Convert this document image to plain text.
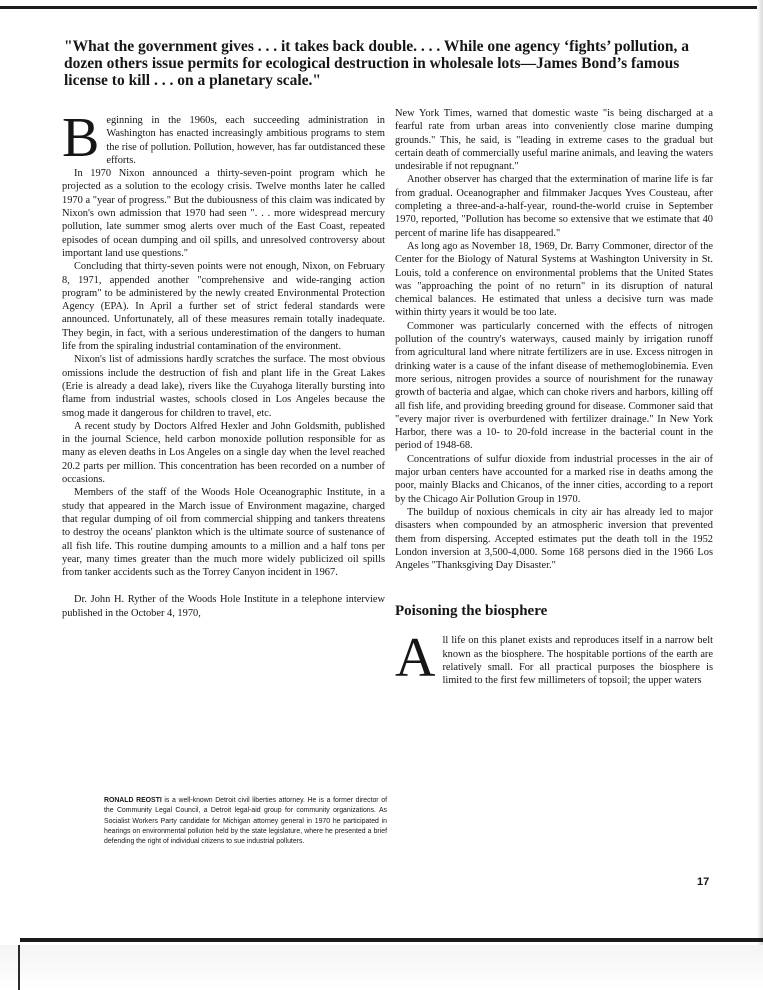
"What the government gives . . . it takes back double. . . . While one agency ‘fights’ pollution, a dozen others issue permits for ecological destruction in wholesale lots—James Bond’s famous license to kill . . . on a planetary scale."

Beginning in the 1960s, each succeeding administration in Washington has enacted increasingly ambitious programs to stem the rise of pollution. Pollution, however, has far outdistanced these efforts.

In 1970 Nixon announced a thirty-seven-point program which he projected as a solution to the ecology crisis. Twelve months later he called 1970 a "year of progress." But the dubiousness of this claim was indicated by Nixon's own admission that 1970 had seen ". . . more widespread mercury pollution, late summer smog alerts over much of the East Coast, repeated episodes of ocean dumping and oil spills, and unresolved controversy about important land use questions."

Concluding that thirty-seven points were not enough, Nixon, on February 8, 1971, appended another "comprehensive and wide-ranging action program" to be administered by the newly created Environmental Protection Agency (EPA). In April a further set of strict federal standards were announced. Unfortunately, all of these measures remain totally inadequate. They begin, in fact, with a serious underestimation of the dangers to human life from the spiraling industrial contamination of the environment.

Nixon's list of admissions hardly scratches the surface. The most obvious omissions include the destruction of fish and plant life in the Great Lakes (Erie is already a dead lake), rivers like the Cuyahoga literally bursting into flame from industrial wastes, schools closed in Los Angeles because the smog made it dangerous for children to travel, etc.

A recent study by Doctors Alfred Hexler and John Goldsmith, published in the journal Science, held carbon monoxide pollution responsible for as many as eleven deaths in Los Angeles on a single day when the level reached 20.2 parts per million. This concentration has been recorded on a number of occasions.

Members of the staff of the Woods Hole Oceanographic Institute, in a study that appeared in the March issue of Environment magazine, charged that regular dumping of oil from commercial shipping and tankers threatens to destroy the oceans' plankton which is the ultimate source of sustenance of all fish life. This routine dumping amounts to a million and a half tons per year, many times greater than the much more widely publicized oil spills from tanker accidents such as the Torrey Canyon incident in 1967.

Dr. John H. Ryther of the Woods Hole Institute in a telephone interview published in the October 4, 1970,

RONALD REOSTI is a well-known Detroit civil liberties attorney. He is a former director of the Community Legal Council, a Detroit legal-aid group for community organizations. As Socialist Workers Party candidate for Michigan attorney general in 1970 he participated in hearings on environmental pollution held by the state legislature, where he presented a brief defending the right of individual citizens to sue industrial polluters.

New York Times, warned that domestic waste "is being discharged at a fearful rate from urban areas into conveniently close marine dumping grounds." This, he said, is "leading in extreme cases to the gradual but certain death of commercially useful marine animals, and leaving the waters undesirable if not repugnant."

Another observer has charged that the extermination of marine life is far from gradual. Oceanographer and filmmaker Jacques Yves Cousteau, after completing a three-and-a-half-year, round-the-world cruise in September 1970, reported, "Pollution has become so extensive that we estimate that 40 percent of marine life has disappeared."

As long ago as November 18, 1969, Dr. Barry Commoner, director of the Center for the Biology of Natural Systems at Washington University in St. Louis, told a conference on environmental problems that the United States was "approaching the point of no return" in its disruption of natural chemical balances. He estimated that unless a decisive turn was made within thirty years it would be too late.

Commoner was particularly concerned with the effects of nitrogen pollution of the country's waterways, caused mainly by irrigation runoff from agricultural land where nitrate fertilizers are in use. Excess nitrogen in drinking water is a cause of the infant disease of methemoglobinemia. Even more serious, nitrogen provides a source of nourishment for the runaway growth of bacteria and algae, which can choke rivers and harbors, killing off all fish life, and providing breeding ground for disease. Commoner said that "every major river is overburdened with fertilizer drainage." In New York Harbor, there was a 10- to 20-fold increase in the bacterial count in the period of 1948-68.

Concentrations of sulfur dioxide from industrial processes in the air of major urban centers have accounted for a marked rise in deaths among the poor, mainly Blacks and Chicanos, of the inner cities, according to a report by the Chicago Air Pollution Group in 1970.

The buildup of noxious chemicals in city air has already led to major disasters when compounded by an atmospheric inversion that prevented them from dispersing. Accepted estimates put the death toll in the 1952 London inversion at 3,500-4,000. Some 168 persons died in the 1966 Los Angeles "Thanksgiving Day Disaster."

Poisoning the biosphere

All life on this planet exists and reproduces itself in a narrow belt known as the biosphere. The hospitable portions of the earth are relatively small. For all practical purposes the biosphere is limited to the first few millimeters of topsoil; the upper waters

17
